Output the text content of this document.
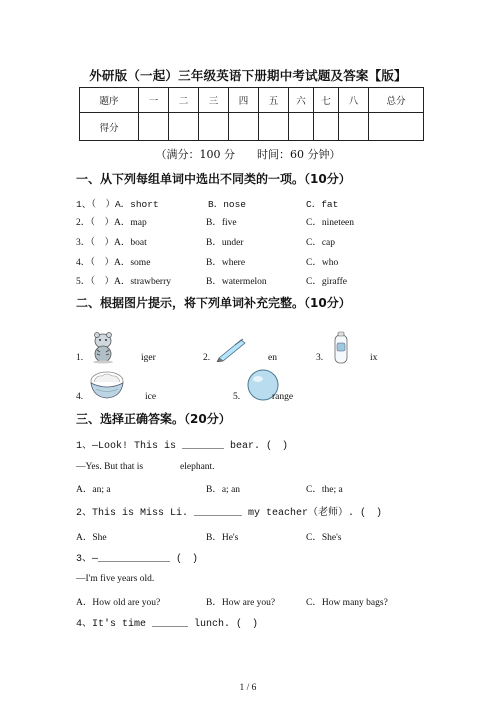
外研版（一起）三年级英语下册期中考试题及答案【版】
题序	一	二	三	四	五	六	七	八	总分
得分									
（满分：100 分　　时间：60 分钟）
一、从下列每组单词中选出不同类的一项。（10分）
1、（　）A．short	B．nose	C．fat
2．（　）A．map	B．five	C．nineteen
3．（　）A．boat	B．under	C．cap
4．（　）A．some	B．where	C．who
5．（　）A．strawberry	B．watermelon	C．giraffe
二、根据图片提示，将下列单词补充完整。（10分）
1.	iger	2.	en	3.	ix
4.	ice	5.	range
三、选择正确答案。（20分）
1、—Look! This is _______ bear. (　)
—Yes. But that is	elephant.
A．an; a	B．a; an	C．the; a
2、This is Miss Li. ________ my teacher（老师）. (　)
A．She	B．He's	C．She's
3、—____________ (　)
—I'm five years old.
A．How old are you?	B．How are you?	C．How many bags?
4、It's time ______ lunch. (　)
1 / 6
